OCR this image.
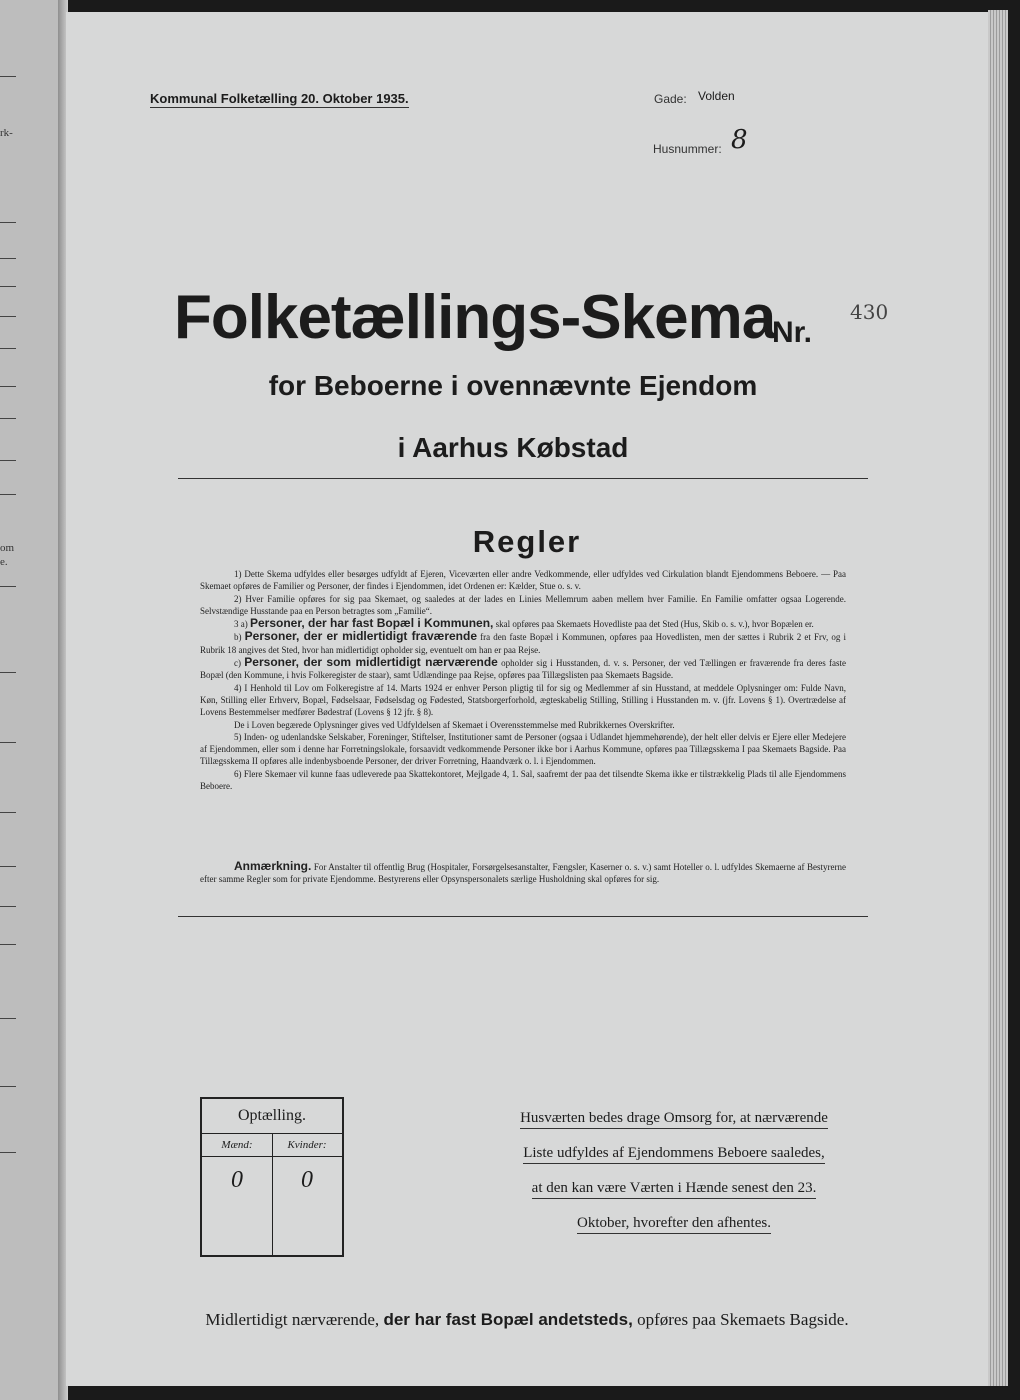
rk-
om
e.
Kommunal Folketælling 20. Oktober 1935.	Gade: Volden
Husnummer: 8
Folketællings-Skema
Nr.
430
for Beboerne i ovennævnte Ejendom
i Aarhus Købstad
Regler

1) Dette Skema udfyldes eller besørges udfyldt af Ejeren, Viceværten eller andre Vedkommende, eller udfyldes ved Cirkulation blandt Ejendommens Beboere. — Paa Skemaet opføres de Familier og Personer, der findes i Ejendommen, idet Ordenen er: Kælder, Stue o. s. v.

2) Hver Familie opføres for sig paa Skemaet, og saaledes at der lades en Linies Mellemrum aaben mellem hver Familie. En Familie omfatter ogsaa Logerende. Selvstændige Husstande paa en Person betragtes som „Familie“.

3 a) Personer, der har fast Bopæl i Kommunen, skal opføres paa Skemaets Hovedliste paa det Sted (Hus, Skib o. s. v.), hvor Bopælen er.

b) Personer, der er midlertidigt fraværende fra den faste Bopæl i Kommunen, opføres paa Hovedlisten, men der sættes i Rubrik 2 et Frv, og i Rubrik 18 angives det Sted, hvor han midlertidigt opholder sig, eventuelt om han er paa Rejse.

c) Personer, der som midlertidigt nærværende opholder sig i Husstanden, d. v. s. Personer, der ved Tællingen er fraværende fra deres faste Bopæl (den Kommune, i hvis Folkeregister de staar), samt Udlændinge paa Rejse, opføres paa Tillægslisten paa Skemaets Bagside.

4) I Henhold til Lov om Folkeregistre af 14. Marts 1924 er enhver Person pligtig til for sig og Medlemmer af sin Husstand, at meddele Oplysninger om: Fulde Navn, Køn, Stilling eller Erhverv, Bopæl, Fødselsaar, Fødselsdag og Fødested, Statsborgerforhold, ægteskabelig Stilling, Stilling i Husstanden m. v. (jfr. Lovens § 1). Overtrædelse af Lovens Bestemmelser medfører Bødestraf (Lovens § 12 jfr. § 8).

De i Loven begærede Oplysninger gives ved Udfyldelsen af Skemaet i Overensstemmelse med Rubrikkernes Overskrifter.

5) Inden- og udenlandske Selskaber, Foreninger, Stiftelser, Institutioner samt de Personer (ogsaa i Udlandet hjemmehørende), der helt eller delvis er Ejere eller Medejere af Ejendommen, eller som i denne har Forretningslokale, forsaavidt vedkommende Personer ikke bor i Aarhus Kommune, opføres paa Tillægsskema I paa Skemaets Bagside. Paa Tillægsskema II opføres alle indenbysboende Personer, der driver Forretning, Haandværk o. l. i Ejendommen.

6) Flere Skemaer vil kunne faas udleverede paa Skattekontoret, Mejlgade 4, 1. Sal, saafremt der paa det tilsendte Skema ikke er tilstrækkelig Plads til alle Ejendommens Beboere.

Anmærkning. For Anstalter til offentlig Brug (Hospitaler, Forsørgelsesanstalter, Fængsler, Kaserner o. s. v.) samt Hoteller o. l. udfyldes Skemaerne af Bestyrerne efter samme Regler som for private Ejendomme. Bestyrerens eller Opsynspersonalets særlige Husholdning skal opføres for sig.
Optælling.
Mænd:
0
Kvinder:
0
Husværten bedes drage Omsorg for, at nærværende Liste udfyldes af Ejendommens Beboere saaledes, at den kan være Værten i Hænde senest den 23. Oktober, hvorefter den afhentes.
Midlertidigt nærværende, der har fast Bopæl andetsteds, opføres paa Skemaets Bagside.
